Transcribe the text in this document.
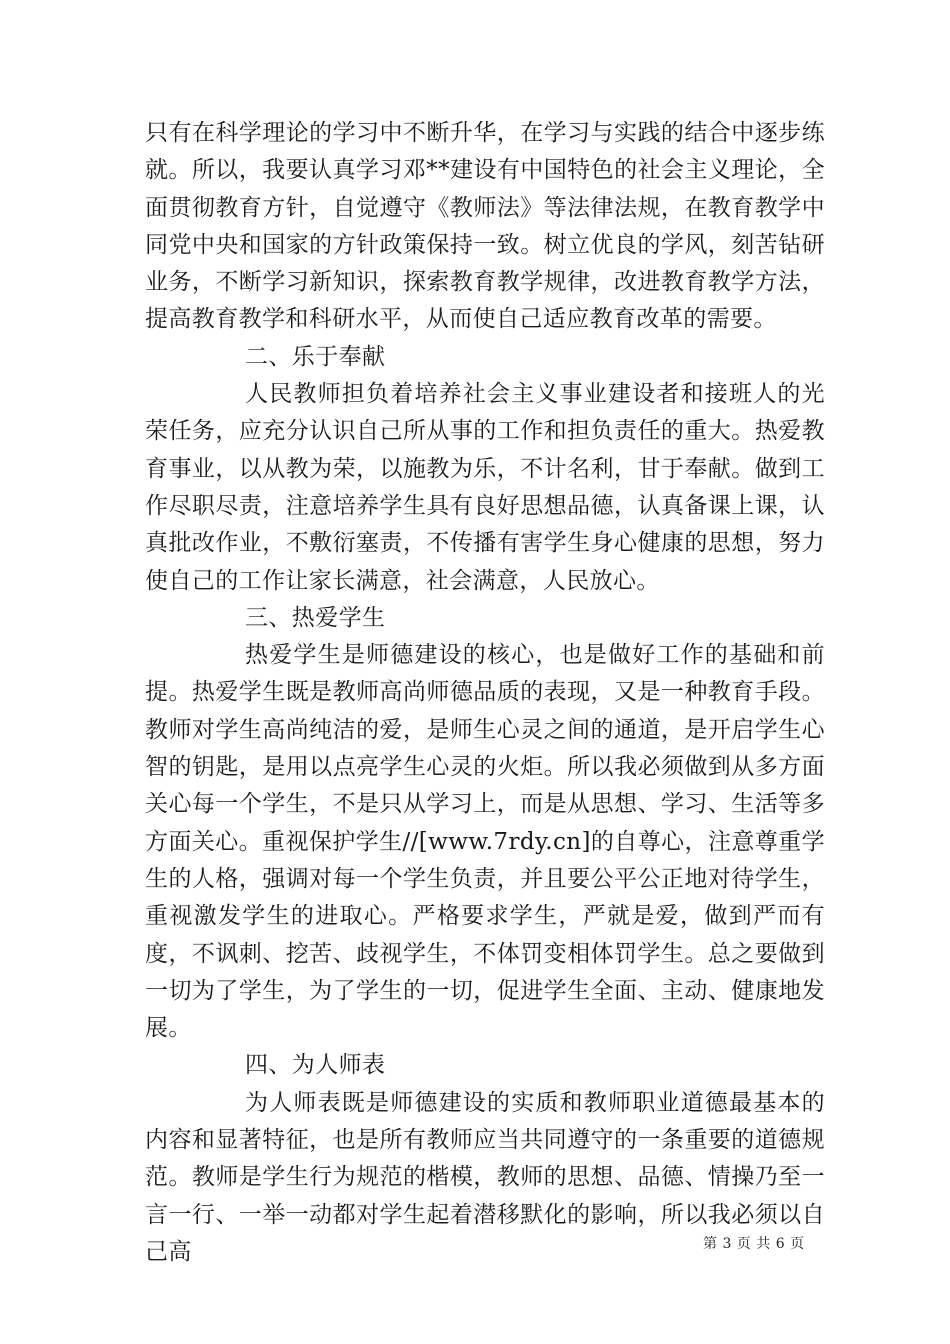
只有在科学理论的学习中不断升华，在学习与实践的结合中逐步练就。所以，我要认真学习邓**建设有中国特色的社会主义理论，全面贯彻教育方针，自觉遵守《教师法》等法律法规，在教育教学中同党中央和国家的方针政策保持一致。树立优良的学风，刻苦钻研业务，不断学习新知识，探索教育教学规律，改进教育教学方法，提高教育教学和科研水平，从而使自己适应教育改革的需要。

二、乐于奉献

人民教师担负着培养社会主义事业建设者和接班人的光荣任务，应充分认识自己所从事的工作和担负责任的重大。热爱教育事业，以从教为荣，以施教为乐，不计名利，甘于奉献。做到工作尽职尽责，注意培养学生具有良好思想品德，认真备课上课，认真批改作业，不敷衍塞责，不传播有害学生身心健康的思想，努力使自己的工作让家长满意，社会满意，人民放心。

三、热爱学生

热爱学生是师德建设的核心，也是做好工作的基础和前提。热爱学生既是教师高尚师德品质的表现，又是一种教育手段。教师对学生高尚纯洁的爱，是师生心灵之间的通道，是开启学生心智的钥匙，是用以点亮学生心灵的火炬。所以我必须做到从多方面关心每一个学生，不是只从学习上，而是从思想、学习、生活等多方面关心。重视保护学生//[www.7rdy.cn]的自尊心，注意尊重学生的人格，强调对每一个学生负责，并且要公平公正地对待学生，重视激发学生的进取心。严格要求学生，严就是爱，做到严而有度，不讽刺、挖苦、歧视学生，不体罚变相体罚学生。总之要做到一切为了学生，为了学生的一切，促进学生全面、主动、健康地发展。

四、为人师表

为人师表既是师德建设的实质和教师职业道德最基本的内容和显著特征，也是所有教师应当共同遵守的一条重要的道德规范。教师是学生行为规范的楷模，教师的思想、品德、情操乃至一言一行、一举一动都对学生起着潜移默化的影响，所以我必须以自己高	第 3 页 共 6 页
